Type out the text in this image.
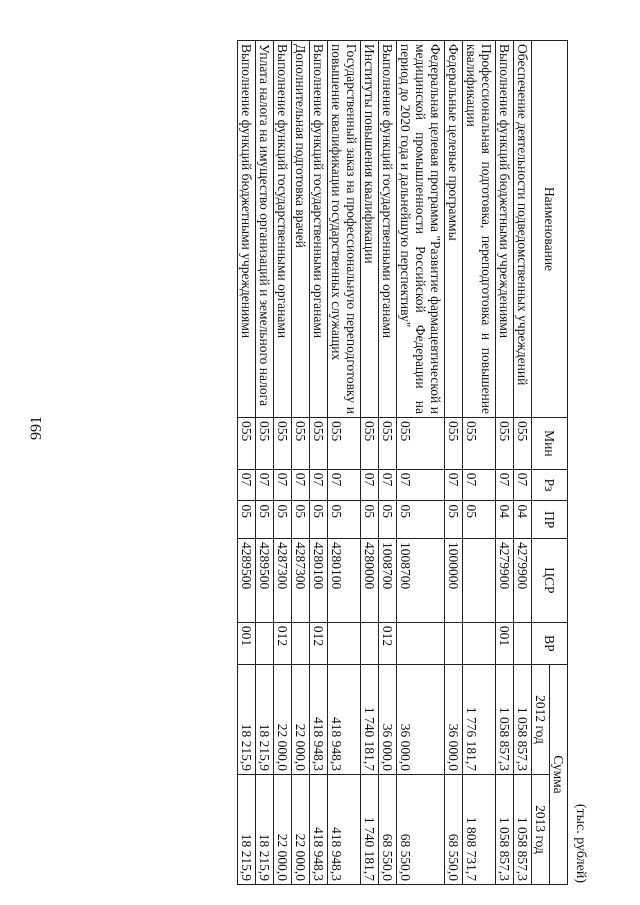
991
(тыс. рублей)
Наименование	Мин	Рз	ПР	ЦСР	ВР	Сумма	
						2012 год	2013 год
Обеспечение деятельности подведомственных учреждений	055	07	04	4279900		1 058 857,3	1 058 857,3
Выполнение функций бюджетными учреждениями	055	07	04	4279900	001	1 058 857,3	1 058 857,3
Профессиональная подготовка, переподготовка и повышение квалификации	055	07	05			1 776 181,7	1 808 731,7
Федеральные целевые программы	055	07	05	1000000		36 000,0	68 550,0
Федеральная целевая программа "Развитие фармацевтической и медицинской промышленности Российской Федерации на период до 2020 года и дальнейшую перспективу"	055	07	05	1008700		36 000,0	68 550,0
Выполнение функций государственными органами	055	07	05	1008700	012	36 000,0	68 550,0
Институты повышения квалификации	055	07	05	4280000		1 740 181,7	1 740 181,7
Государственный заказ на профессиональную переподготовку и повышение квалификации государственных служащих	055	07	05	4280100		418 948,3	418 948,3
Выполнение функций государственными органами	055	07	05	4280100	012	418 948,3	418 948,3
Дополнительная подготовка врачей	055	07	05	4287300		22 000,0	22 000,0
Выполнение функций государственными органами	055	07	05	4287300	012	22 000,0	22 000,0
Уплата налога на имущество организаций и земельного налога	055	07	05	4289500		18 215,9	18 215,9
Выполнение функций бюджетными учреждениями	055	07	05	4289500	001	18 215,9	18 215,9
